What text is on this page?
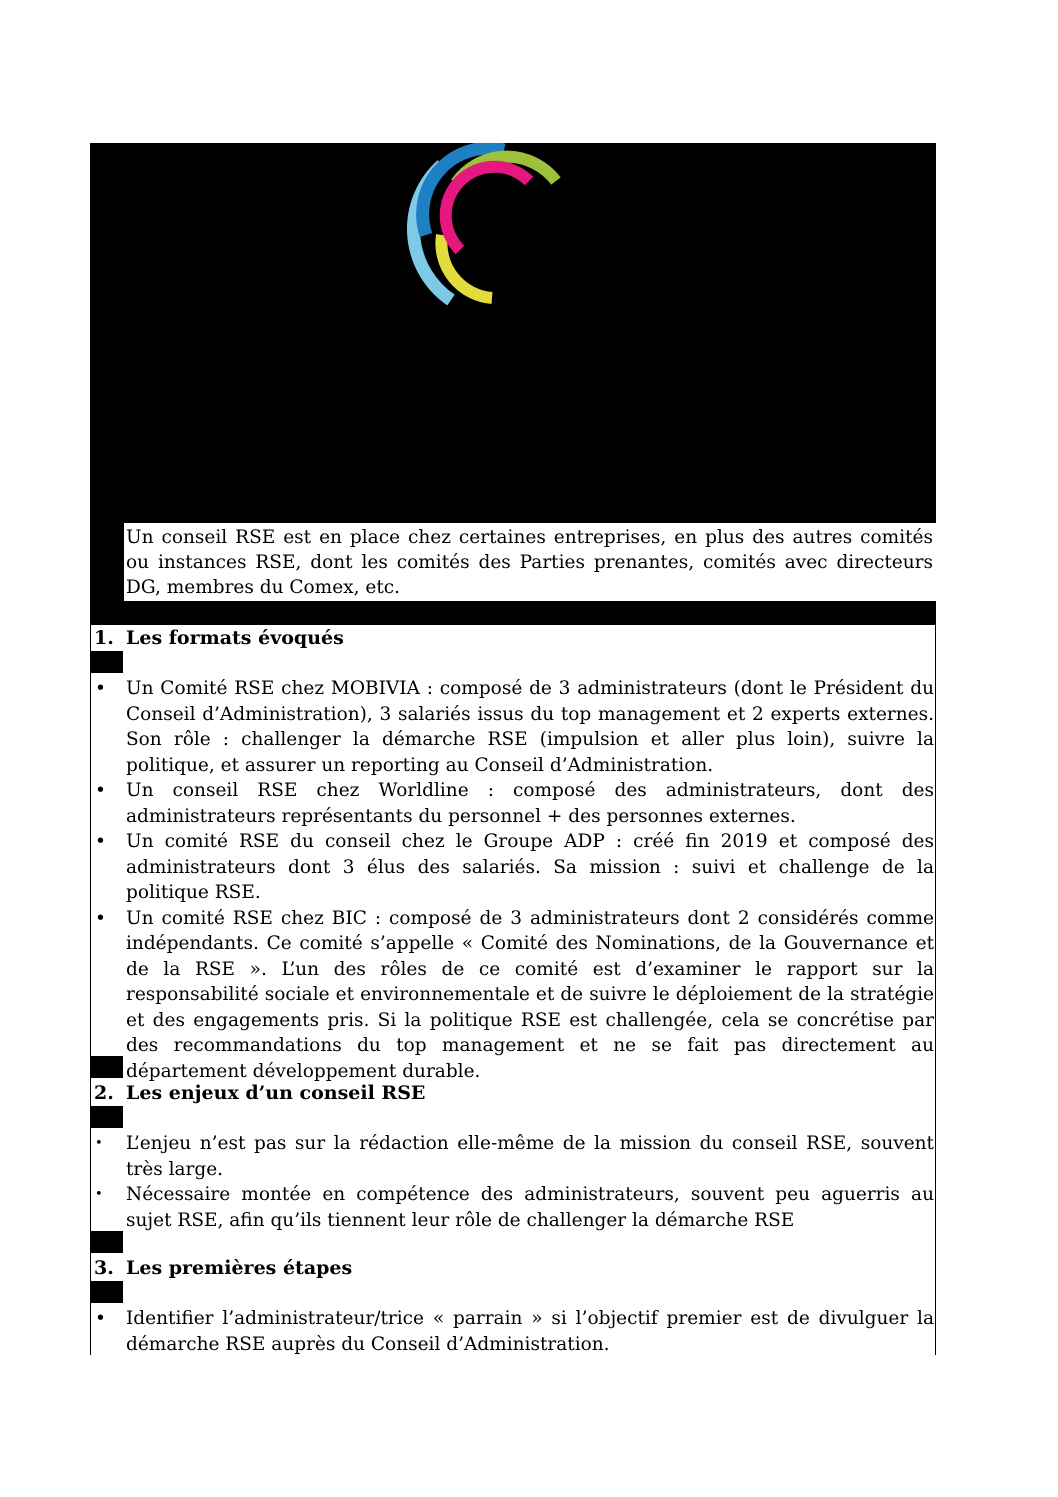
Un conseil RSE est en place chez certaines entreprises, en plus des autres comités ou instances RSE, dont les comités des Parties prenantes, comités avec directeurs DG, membres du Comex, etc.
1. Les formats évoqués
•	Un Comité RSE chez MOBIVIA : composé de 3 administrateurs (dont le Président du Conseil d’Administration), 3 salariés issus du top management et 2 experts externes. Son rôle : challenger la démarche RSE (impulsion et aller plus loin), suivre la politique, et assurer un reporting au Conseil d’Administration.
•	Un conseil RSE chez Worldline : composé des administrateurs, dont des administrateurs représentants du personnel + des personnes externes.
•	Un comité RSE du conseil chez le Groupe ADP : créé fin 2019 et composé des administrateurs dont 3 élus des salariés. Sa mission : suivi et challenge de la politique RSE.
•	Un comité RSE chez BIC : composé de 3 administrateurs dont 2 considérés comme indépendants. Ce comité s’appelle « Comité des Nominations, de la Gouvernance et de la RSE ». L’un des rôles de ce comité est d’examiner le rapport sur la responsabilité sociale et environnementale et de suivre le déploiement de la stratégie et des engagements pris. Si la politique RSE est challengée, cela se concrétise par des recommandations du top management et ne se fait pas directement au département développement durable.
2. Les enjeux d’un conseil RSE
•	L’enjeu n’est pas sur la rédaction elle-même de la mission du conseil RSE, souvent très large.
•	Nécessaire montée en compétence des administrateurs, souvent peu aguerris au sujet RSE, afin qu’ils tiennent leur rôle de challenger la démarche RSE
3. Les premières étapes
•	Identifier l’administrateur/trice « parrain » si l’objectif premier est de divulguer la démarche RSE auprès du Conseil d’Administration.
